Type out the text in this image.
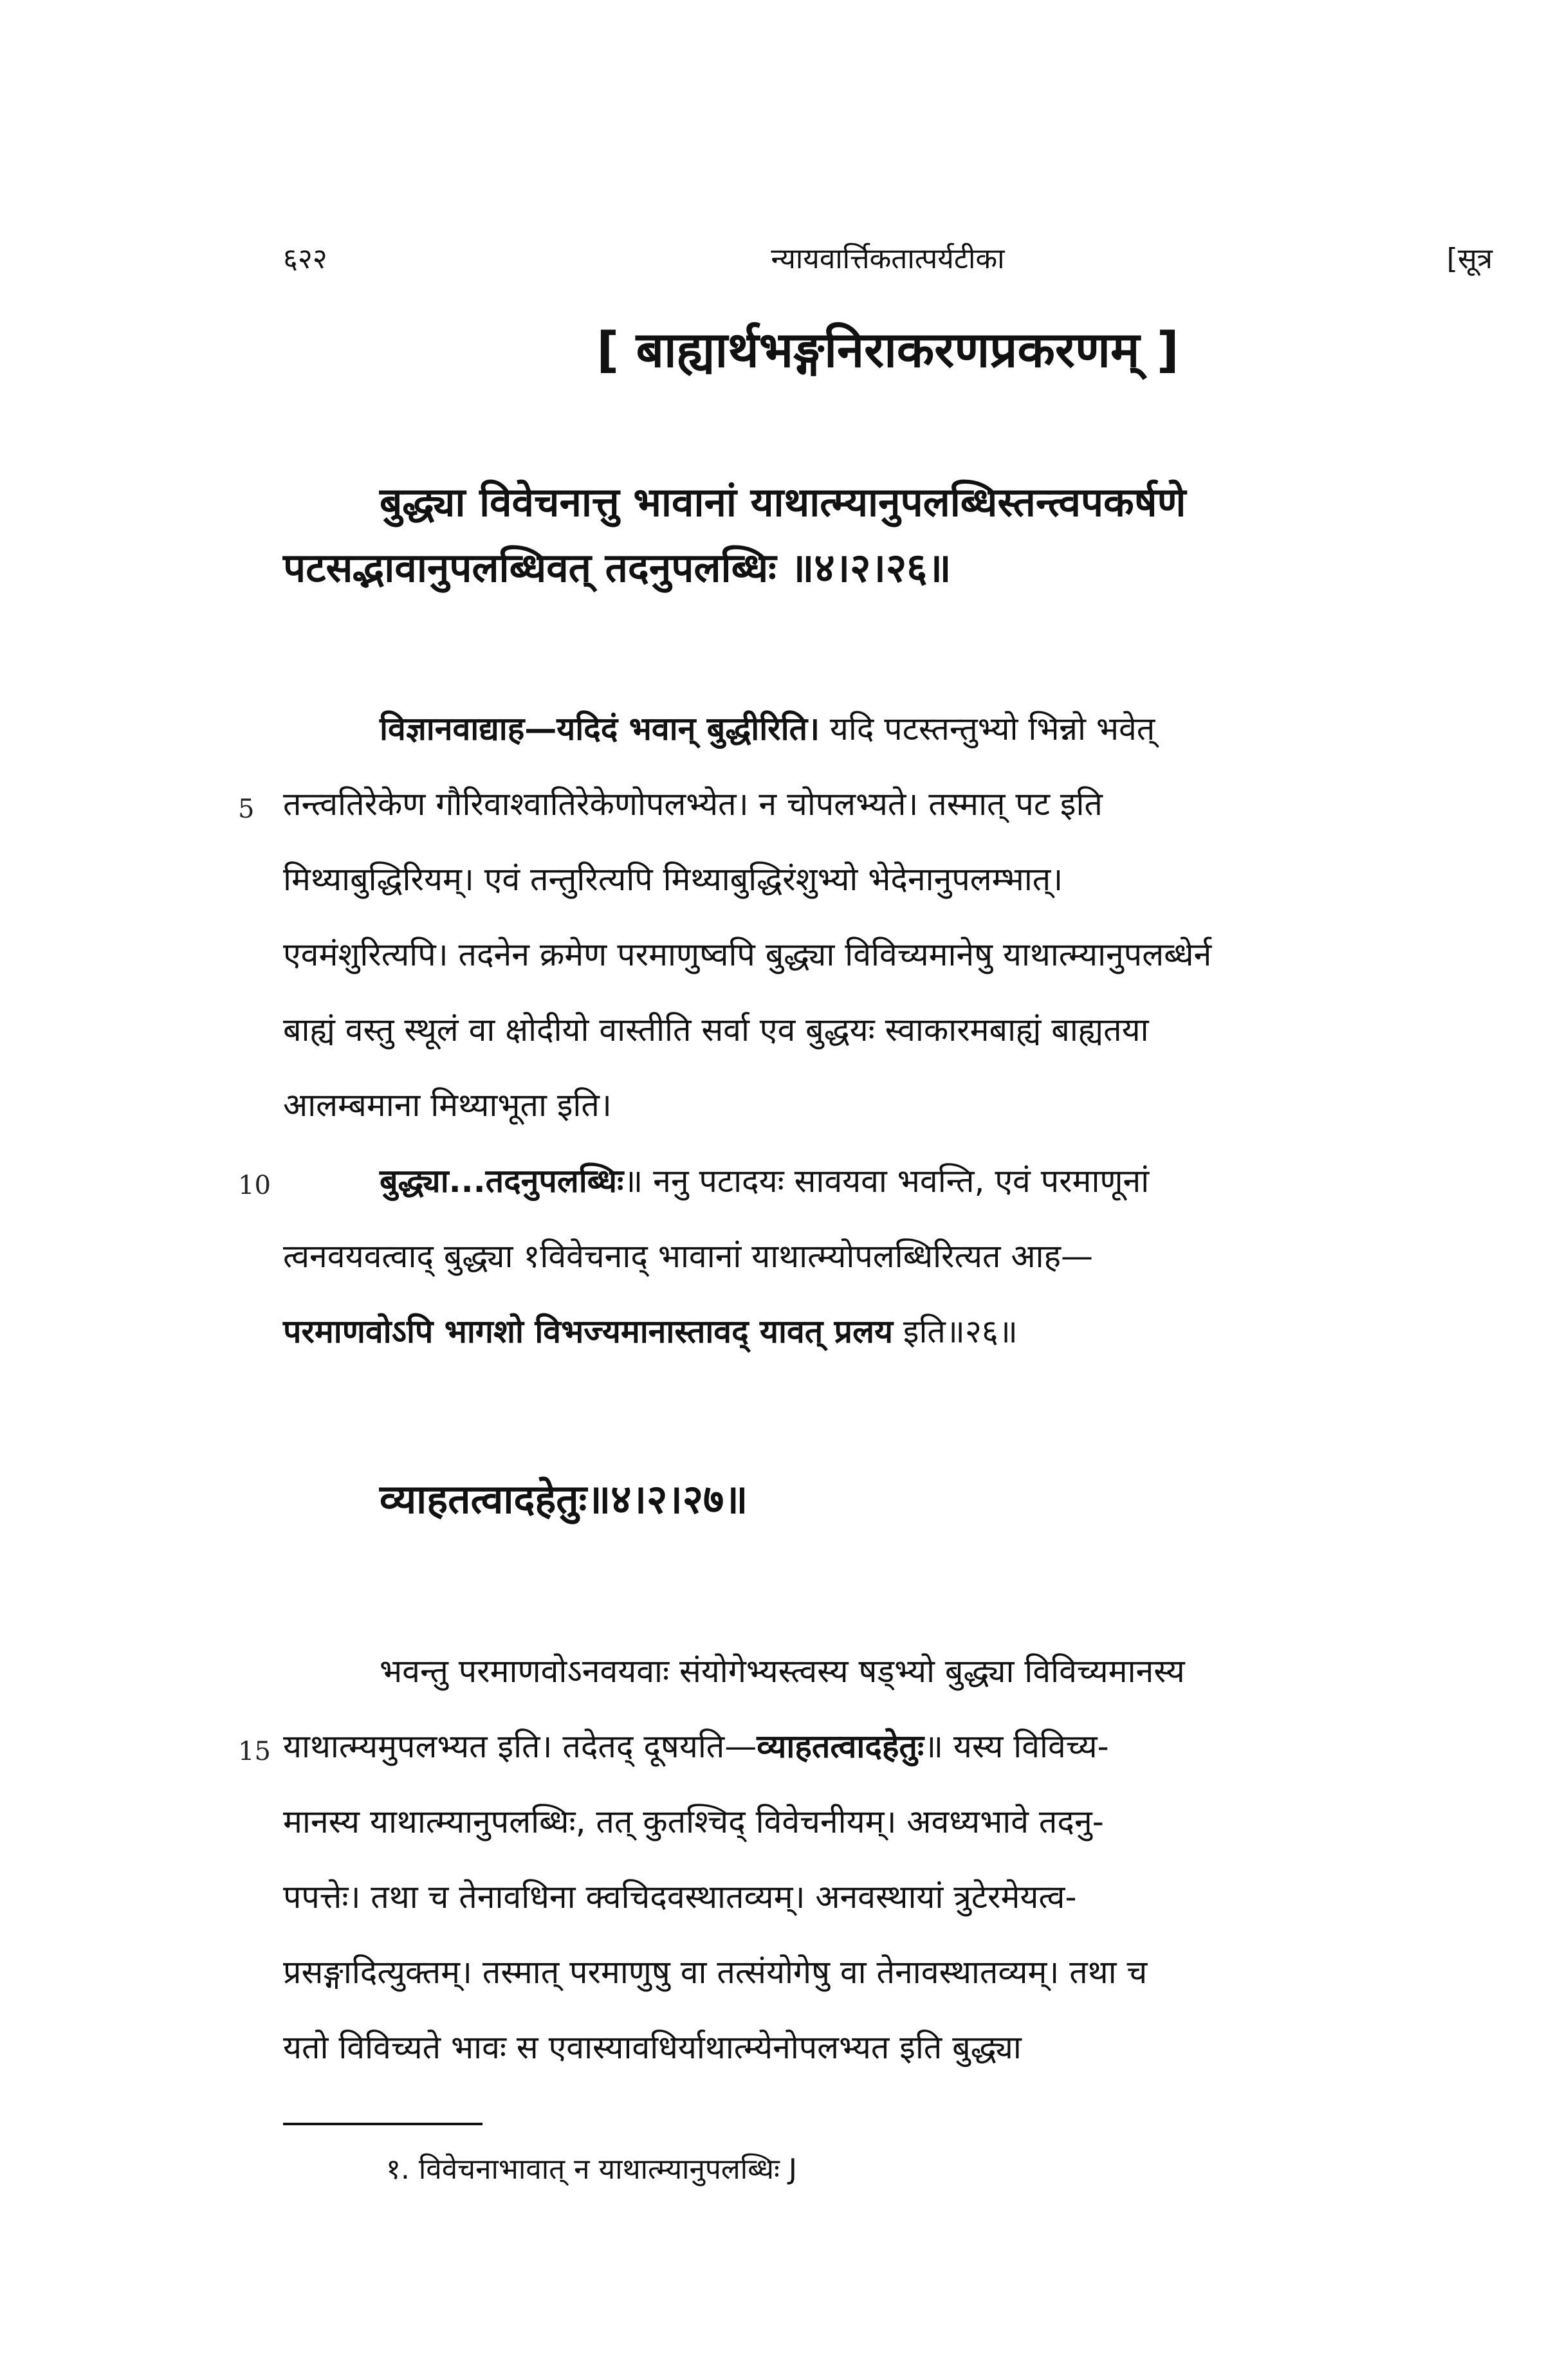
६२२	न्यायवार्त्तिकतात्पर्यटीका	[सूत्र
[ बाह्यार्थभङ्गनिराकरणप्रकरणम् ]
बुद्ध्या विवेचनात्तु भावानां याथात्म्यानुपलब्धिस्तन्त्वपकर्षणे
पटसद्भावानुपलब्धिवत् तदनुपलब्धिः ॥४।२।२६॥
विज्ञानवाद्याह—यदिदं भवान् बुद्धीरिति। यदि पटस्तन्तुभ्यो भिन्नो भवेत्
तन्त्वतिरेकेण गौरिवाश्वातिरेकेणोपलभ्येत। न चोपलभ्यते। तस्मात् पट इति
मिथ्याबुद्धिरियम्। एवं तन्तुरित्यपि मिथ्याबुद्धिरंशुभ्यो भेदेनानुपलम्भात्।
एवमंशुरित्यपि। तदनेन क्रमेण परमाणुष्वपि बुद्ध्या विविच्यमानेषु याथात्म्यानुपलब्धेर्न
बाह्यं वस्तु स्थूलं वा क्षोदीयो वास्तीति सर्वा एव बुद्धयः स्वाकारमबाह्यं बाह्यतया
आलम्बमाना मिथ्याभूता इति।
5
बुद्ध्या...तदनुपलब्धिः॥ ननु पटादयः सावयवा भवन्ति, एवं परमाणूनां
त्वनवयवत्वाद् बुद्ध्या १विवेचनाद् भावानां याथात्म्योपलब्धिरित्यत आह—
परमाणवोऽपि भागशो विभज्यमानास्तावद् यावत् प्रलय इति॥२६॥
10
व्याहतत्वादहेतुः॥४।२।२७॥
भवन्तु परमाणवोऽनवयवाः संयोगेभ्यस्त्वस्य षड्भ्यो बुद्ध्या विविच्यमानस्य
याथात्म्यमुपलभ्यत इति। तदेतद् दूषयति—व्याहतत्वादहेतुः॥ यस्य विविच्य-
मानस्य याथात्म्यानुपलब्धिः, तत् कुतश्चिद् विवेचनीयम्। अवध्यभावे तदनु-
पपत्तेः। तथा च तेनावधिना क्वचिदवस्थातव्यम्। अनवस्थायां त्रुटेरमेयत्व-
प्रसङ्गादित्युक्तम्। तस्मात् परमाणुषु वा तत्संयोगेषु वा तेनावस्थातव्यम्। तथा च
यतो विविच्यते भावः स एवास्यावधिर्याथात्म्येनोपलभ्यत इति बुद्ध्या
15
१. विवेचनाभावात् न याथात्म्यानुपलब्धिः J
